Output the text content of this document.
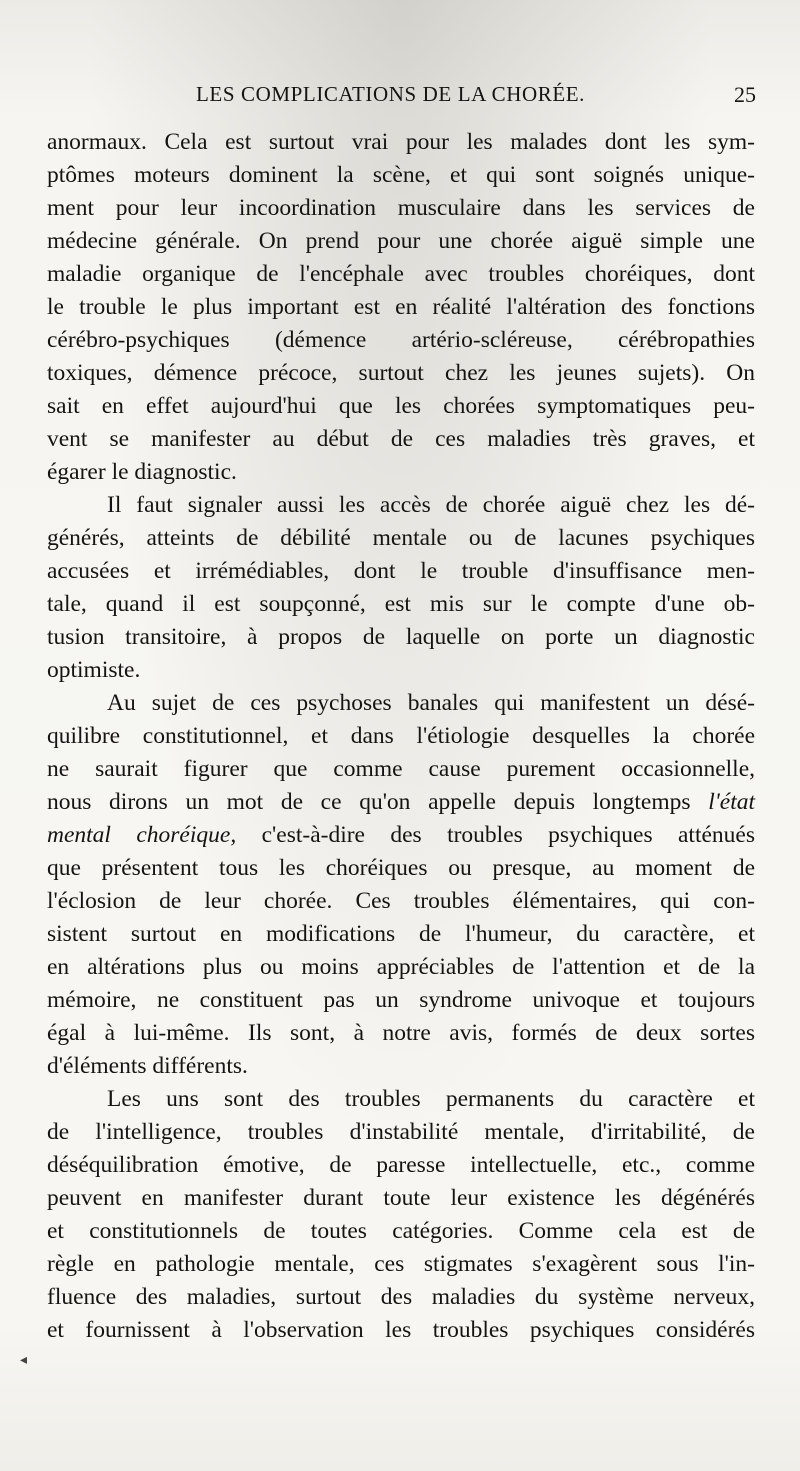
LES COMPLICATIONS DE LA CHORÉE.	25
anormaux. Cela est surtout vrai pour les malades dont les sym-
ptômes moteurs dominent la scène, et qui sont soignés unique-
ment pour leur incoordination musculaire dans les services de
médecine générale. On prend pour une chorée aiguë simple une
maladie organique de l'encéphale avec troubles choréiques, dont
le trouble le plus important est en réalité l'altération des fonctions
cérébro-psychiques (démence artério-scléreuse, cérébropathies
toxiques, démence précoce, surtout chez les jeunes sujets). On
sait en effet aujourd'hui que les chorées symptomatiques peu-
vent se manifester au début de ces maladies très graves, et
égarer le diagnostic.
Il faut signaler aussi les accès de chorée aiguë chez les dé-
générés, atteints de débilité mentale ou de lacunes psychiques
accusées et irrémédiables, dont le trouble d'insuffisance men-
tale, quand il est soupçonné, est mis sur le compte d'une ob-
tusion transitoire, à propos de laquelle on porte un diagnostic
optimiste.
Au sujet de ces psychoses banales qui manifestent un désé-
quilibre constitutionnel, et dans l'étiologie desquelles la chorée
ne saurait figurer que comme cause purement occasionnelle,
nous dirons un mot de ce qu'on appelle depuis longtemps l'état
mental choréique, c'est-à-dire des troubles psychiques atténués
que présentent tous les choréiques ou presque, au moment de
l'éclosion de leur chorée. Ces troubles élémentaires, qui con-
sistent surtout en modifications de l'humeur, du caractère, et
en altérations plus ou moins appréciables de l'attention et de la
mémoire, ne constituent pas un syndrome univoque et toujours
égal à lui-même. Ils sont, à notre avis, formés de deux sortes
d'éléments différents.
Les uns sont des troubles permanents du caractère et
de l'intelligence, troubles d'instabilité mentale, d'irritabilité, de
déséquilibration émotive, de paresse intellectuelle, etc., comme
peuvent en manifester durant toute leur existence les dégénérés
et constitutionnels de toutes catégories. Comme cela est de
règle en pathologie mentale, ces stigmates s'exagèrent sous l'in-
fluence des maladies, surtout des maladies du système nerveux,
et fournissent à l'observation les troubles psychiques considérés
◂
